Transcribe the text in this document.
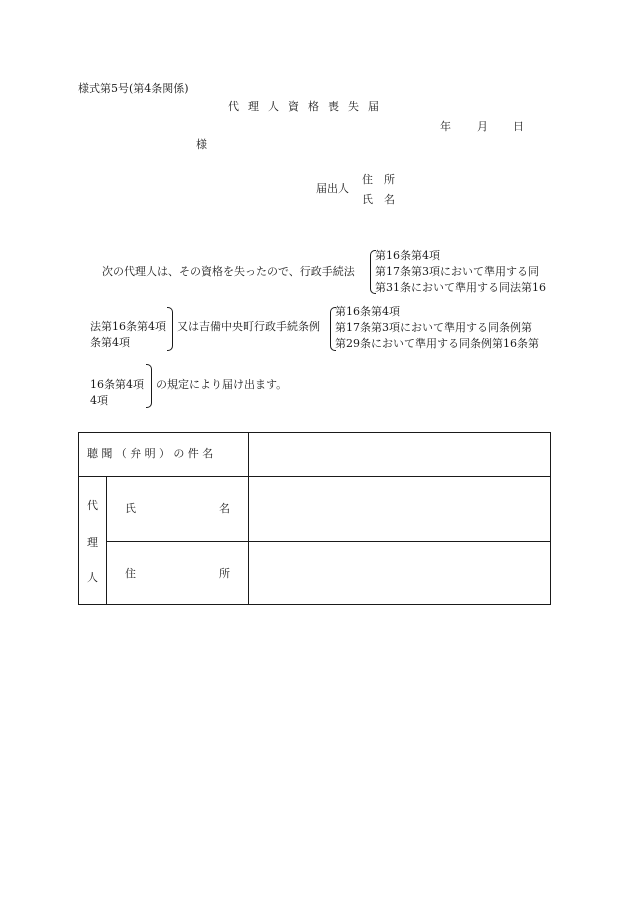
様式第5号(第4条関係)
代理人資格喪失届
年 月 日
様
届出人
住　所
氏　名
次の代理人は、その資格を失ったので、行政手続法
第16条第4項
第17条第3項において準用する同
第31条において準用する同法第16
法第16条第4項
条第4項
又は吉備中央町行政手続条例
第16条第4項
第17条第3項において準用する同条例第
第29条において準用する同条例第16条第
16条第4項
4項
の規定により届け出ます。
聴聞（弁明）の件名
代
理
人
氏	名
住	所
